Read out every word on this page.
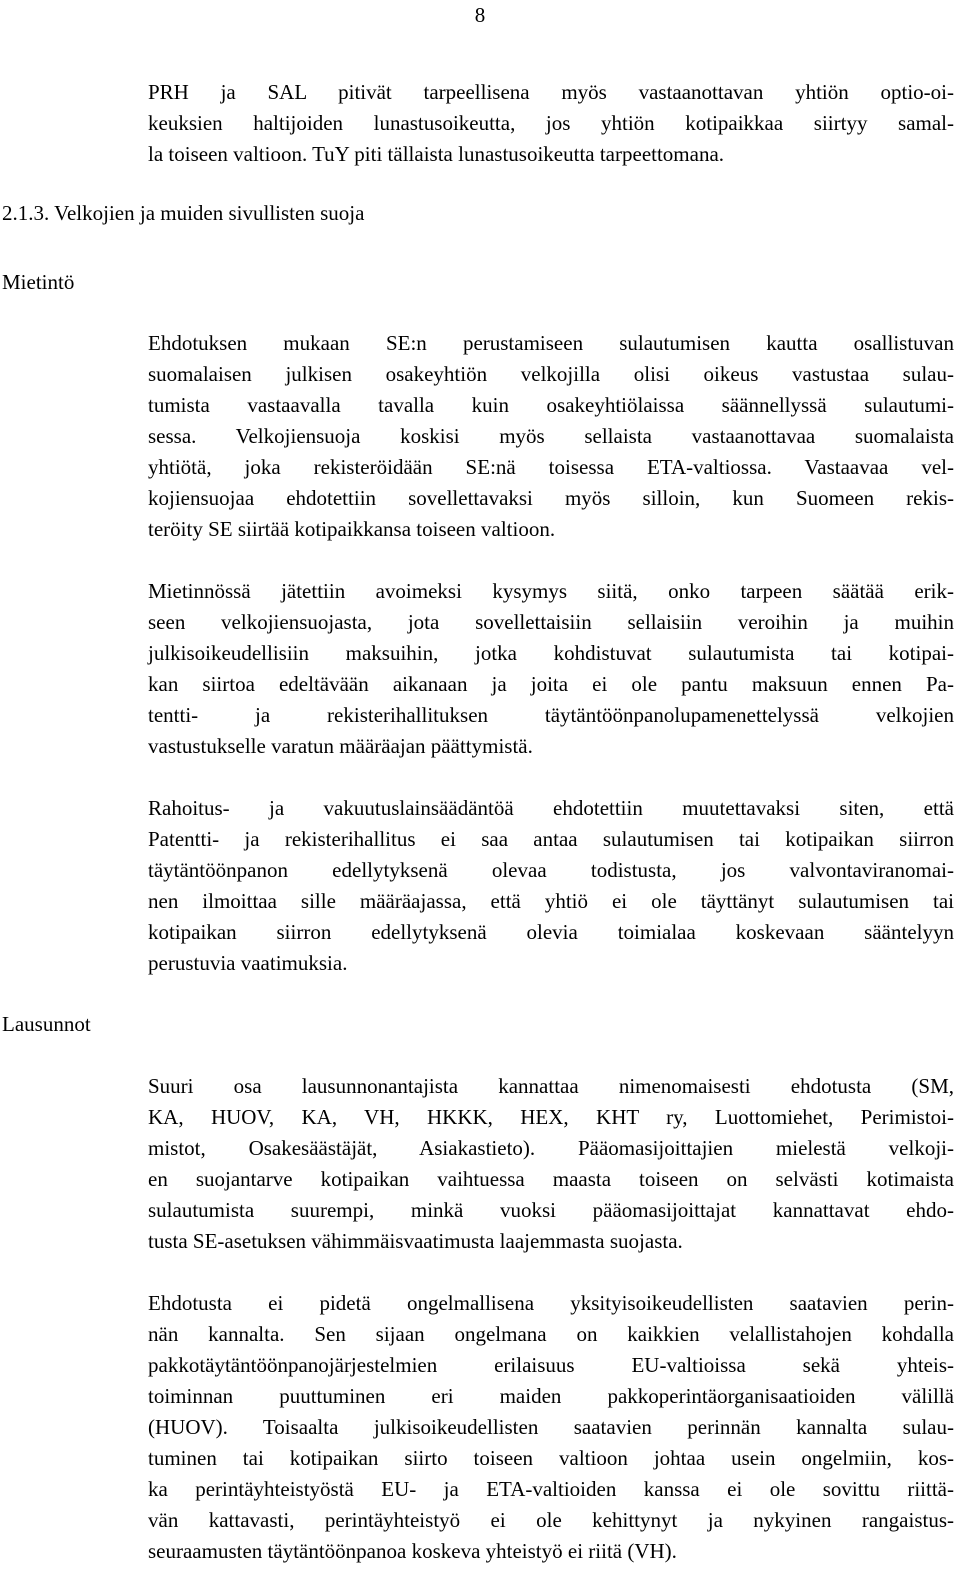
8
PRH ja SAL pitivät tarpeellisena myös vastaanottavan yhtiön optio-oi-
keuksien haltijoiden lunastusoikeutta, jos yhtiön kotipaikkaa siirtyy samal-
la toiseen valtioon. TuY piti tällaista lunastusoikeutta tarpeettomana.
2.1.3. Velkojien ja muiden sivullisten suoja
Mietintö
Ehdotuksen mukaan SE:n perustamiseen sulautumisen kautta osallistuvan
suomalaisen julkisen osakeyhtiön velkojilla olisi oikeus vastustaa sulau-
tumista vastaavalla tavalla kuin osakeyhtiölaissa säännellyssä sulautumi-
sessa. Velkojiensuoja koskisi myös sellaista vastaanottavaa suomalaista
yhtiötä, joka rekisteröidään SE:nä toisessa ETA-valtiossa. Vastaavaa vel-
kojiensuojaa ehdotettiin sovellettavaksi myös silloin, kun Suomeen rekis-
teröity SE siirtää kotipaikkansa toiseen valtioon.
Mietinnössä jätettiin avoimeksi kysymys siitä, onko tarpeen säätää erik-
seen velkojiensuojasta, jota sovellettaisiin sellaisiin veroihin ja muihin
julkisoikeudellisiin maksuihin, jotka kohdistuvat sulautumista tai kotipai-
kan siirtoa edeltävään aikanaan ja joita ei ole pantu maksuun ennen Pa-
tentti- ja rekisterihallituksen täytäntöönpanolupamenettelyssä velkojien
vastustukselle varatun määräajan päättymistä.
Rahoitus- ja vakuutuslainsäädäntöä ehdotettiin muutettavaksi siten, että
Patentti- ja rekisterihallitus ei saa antaa sulautumisen tai kotipaikan siirron
täytäntöönpanon edellytyksenä olevaa todistusta, jos valvontaviranomai-
nen ilmoittaa sille määräajassa, että yhtiö ei ole täyttänyt sulautumisen tai
kotipaikan siirron edellytyksenä olevia toimialaa koskevaan sääntelyyn
perustuvia vaatimuksia.
Lausunnot
Suuri osa lausunnonantajista kannattaa nimenomaisesti ehdotusta (SM,
KA, HUOV, KA, VH, HKKK, HEX, KHT ry, Luottomiehet, Perimistoi-
mistot, Osakesäästäjät, Asiakastieto). Pääomasijoittajien mielestä velkoji-
en suojantarve kotipaikan vaihtuessa maasta toiseen on selvästi kotimaista
sulautumista suurempi, minkä vuoksi pääomasijoittajat kannattavat ehdo-
tusta SE-asetuksen vähimmäisvaatimusta laajemmasta suojasta.
Ehdotusta ei pidetä ongelmallisena yksityisoikeudellisten saatavien perin-
nän kannalta. Sen sijaan ongelmana on kaikkien velallistahojen kohdalla
pakkotäytäntöönpanojärjestelmien erilaisuus EU-valtioissa sekä yhteis-
toiminnan puuttuminen eri maiden pakkoperintäorganisaatioiden välillä
(HUOV). Toisaalta julkisoikeudellisten saatavien perinnän kannalta sulau-
tuminen tai kotipaikan siirto toiseen valtioon johtaa usein ongelmiin, kos-
ka perintäyhteistyöstä EU- ja ETA-valtioiden kanssa ei ole sovittu riittä-
vän kattavasti, perintäyhteistyö ei ole kehittynyt ja nykyinen rangaistus-
seuraamusten täytäntöönpanoa koskeva yhteistyö ei riitä (VH).
